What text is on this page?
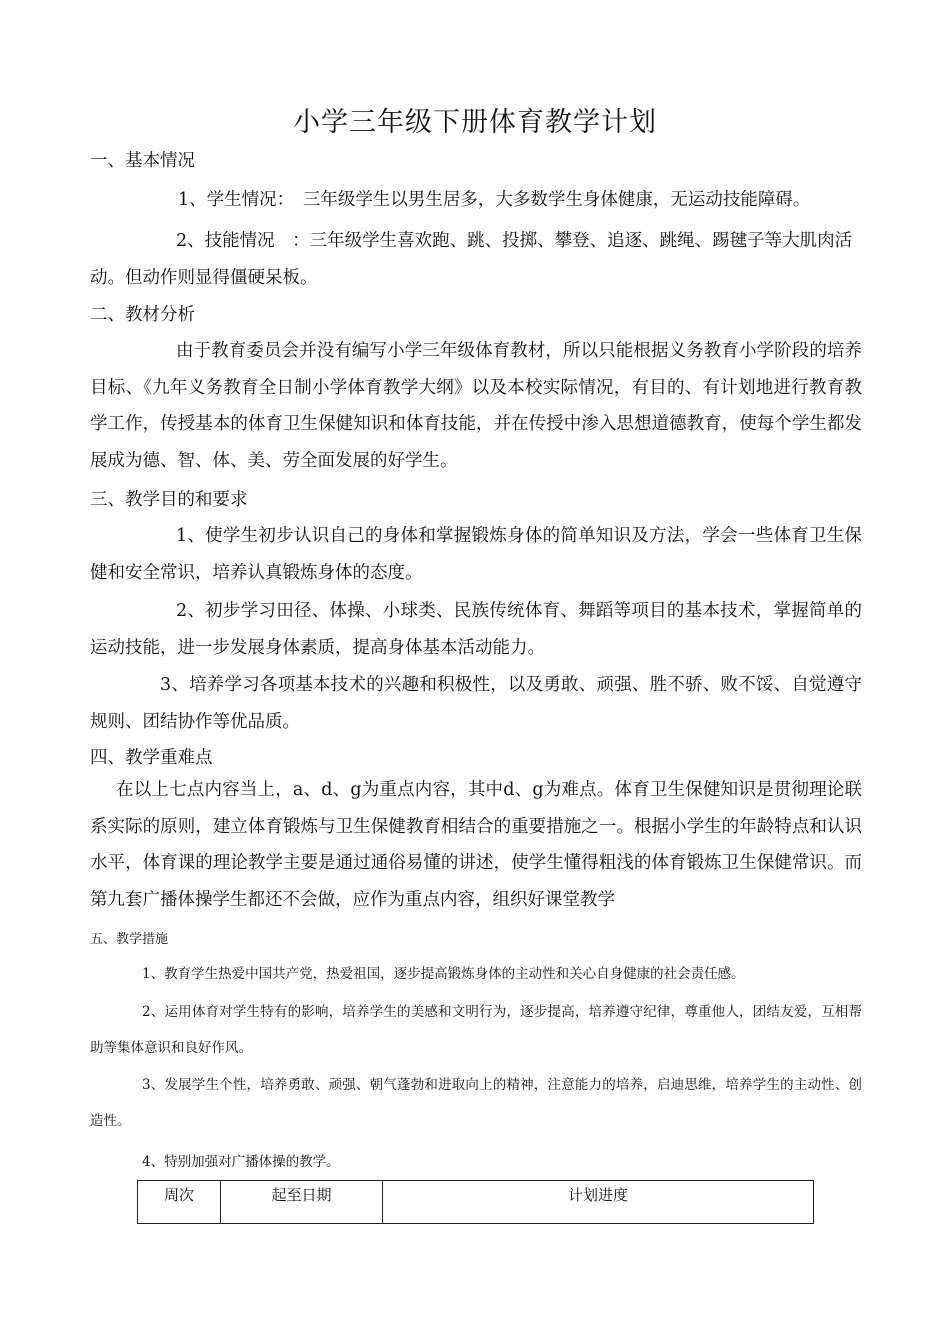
小学三年级下册体育教学计划
一、基本情况
1、学生情况：　三年级学生以男生居多，大多数学生身体健康，无运动技能障碍。
2、技能情况　：三年级学生喜欢跑、跳、投掷、攀登、追逐、跳绳、踢毽子等大肌肉活
动。但动作则显得僵硬呆板。
二、教材分析
由于教育委员会并没有编写小学三年级体育教材，所以只能根据义务教育小学阶段的培养目标、《九年义务教育全日制小学体育教学大纲》以及本校实际情况，有目的、有计划地进行教育教学工作，传授基本的体育卫生保健知识和体育技能，并在传授中渗入思想道德教育，使每个学生都发展成为德、智、体、美、劳全面发展的好学生。
三、教学目的和要求
1、使学生初步认识自己的身体和掌握锻炼身体的简单知识及方法，学会一些体育卫生保健和安全常识，培养认真锻炼身体的态度。
2、初步学习田径、体操、小球类、民族传统体育、舞蹈等项目的基本技术，掌握简单的运动技能，进一步发展身体素质，提高身体基本活动能力。
3、培养学习各项基本技术的兴趣和积极性，以及勇敢、顽强、胜不骄、败不馁、自觉遵守规则、团结协作等优品质。
四、教学重难点
在以上七点内容当上，a、d、g为重点内容，其中d、g为难点。体育卫生保健知识是贯彻理论联系实际的原则，建立体育锻炼与卫生保健教育相结合的重要措施之一。根据小学生的年龄特点和认识水平，体育课的理论教学主要是通过通俗易懂的讲述，使学生懂得粗浅的体育锻炼卫生保健常识。而第九套广播体操学生都还不会做，应作为重点内容，组织好课堂教学
五、教学措施
1、教育学生热爱中国共产党，热爱祖国，逐步提高锻炼身体的主动性和关心自身健康的社会责任感。
2、运用体育对学生特有的影响，培养学生的美感和文明行为，逐步提高，培养遵守纪律，尊重他人，团结友爱，互相帮助等集体意识和良好作风。
3、发展学生个性，培养勇敢、顽强、朝气蓬勃和进取向上的精神，注意能力的培养，启迪思维，培养学生的主动性、创造性。
4、特别加强对广播体操的教学。
周次	起至日期	计划进度
